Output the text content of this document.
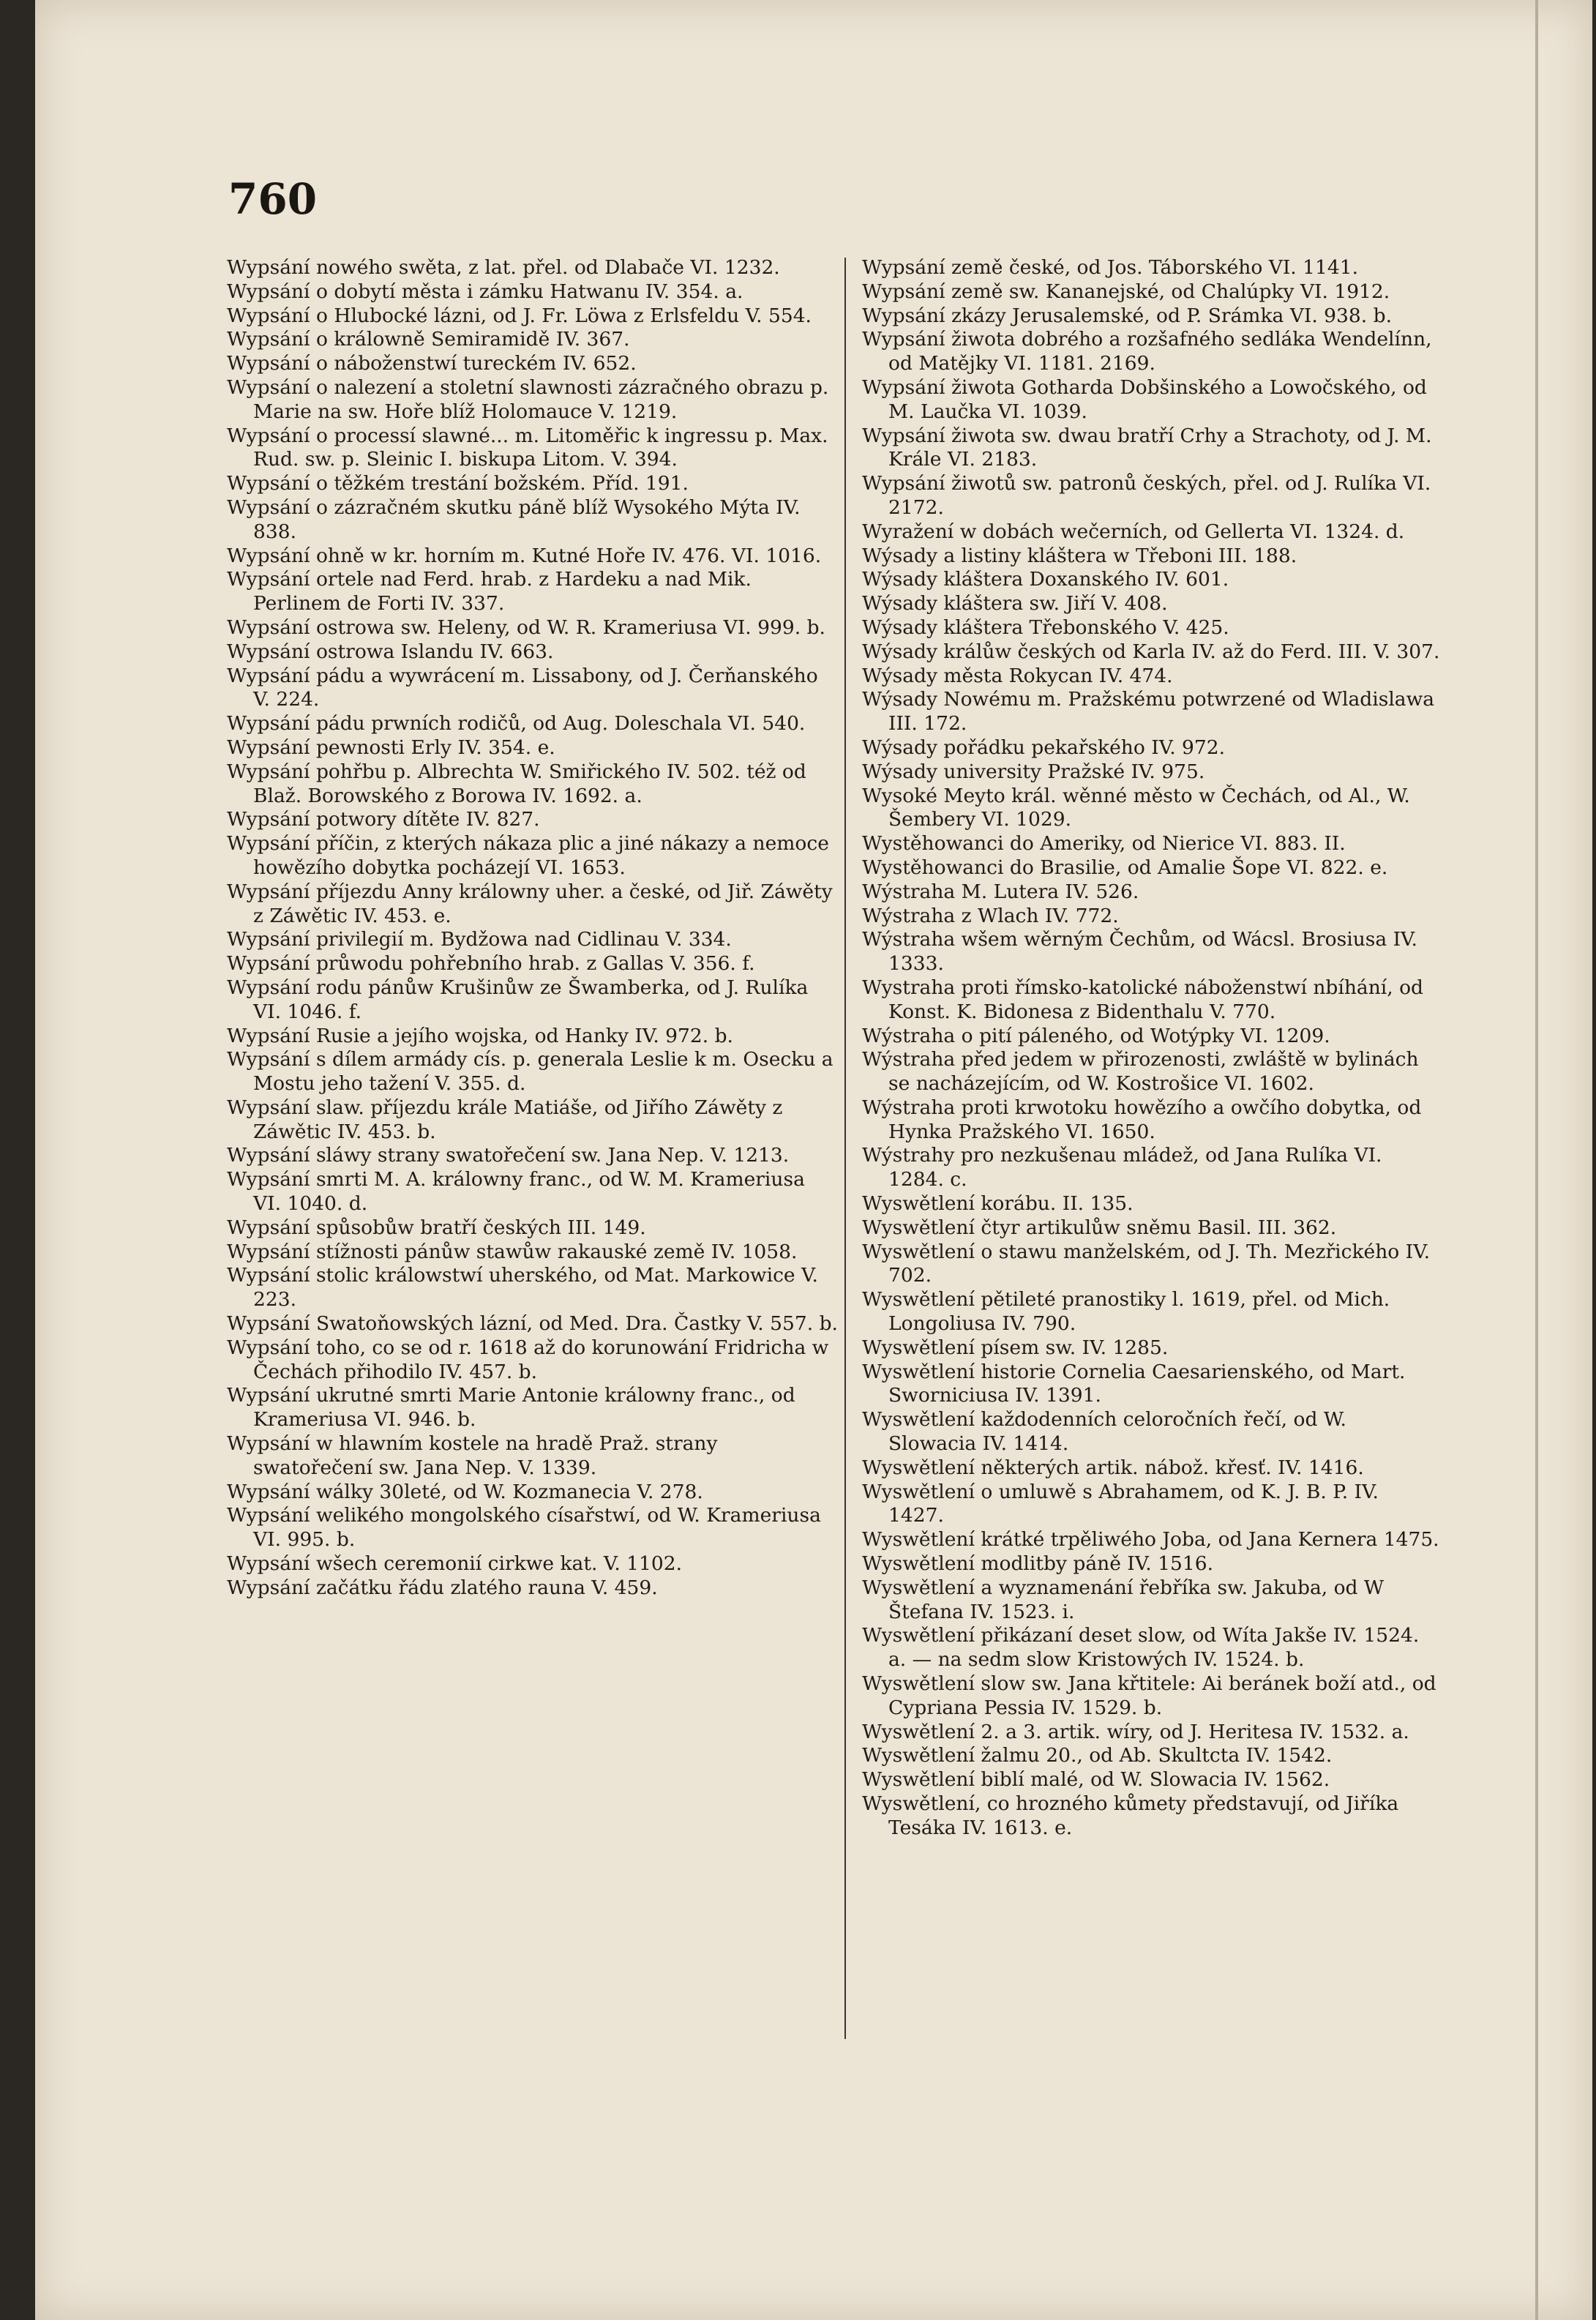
760

Wypsání nowého swěta, z lat. přel. od Dlabače VI. 1232.

Wypsání o dobytí města i zámku Hatwanu IV. 354. a.

Wypsání o Hlubocké lázni, od J. Fr. Löwa z Erlsfeldu V. 554.

Wypsání o králowně Semiramidě IV. 367.

Wypsání o náboženstwí tureckém IV. 652.

Wypsání o nalezení a stoletní slawnosti zázračného obrazu p. Marie na sw. Hoře blíž Holomauce V. 1219.

Wypsání o processí slawné... m. Litoměřic k ingressu p. Max. Rud. sw. p. Sleinic I. biskupa Litom. V. 394.

Wypsání o těžkém trestání božském. Příd. 191.

Wypsání o zázračném skutku páně blíž Wysokého Mýta IV. 838.

Wypsání ohně w kr. horním m. Kutné Hoře IV. 476. VI. 1016.

Wypsání ortele nad Ferd. hrab. z Hardeku a nad Mik. Perlinem de Forti IV. 337.

Wypsání ostrowa sw. Heleny, od W. R. Krameriusa VI. 999. b.

Wypsání ostrowa Islandu IV. 663.

Wypsání pádu a wywrácení m. Lissabony, od J. Čerňanského V. 224.

Wypsání pádu prwních rodičů, od Aug. Doleschala VI. 540.

Wypsání pewnosti Erly IV. 354. e.

Wypsání pohřbu p. Albrechta W. Smiřického IV. 502. též od Blaž. Borowského z Borowa IV. 1692. a.

Wypsání potwory dítěte IV. 827.

Wypsání příčin, z kterých nákaza plic a jiné nákazy a nemoce howězího dobytka pocházejí VI. 1653.

Wypsání příjezdu Anny králowny uher. a české, od Jiř. Záwěty z Záwětic IV. 453. e.

Wypsání privilegií m. Bydžowa nad Cidlinau V. 334.

Wypsání průwodu pohřebního hrab. z Gallas V. 356. f.

Wypsání rodu pánůw Krušinůw ze Šwamberka, od J. Rulíka VI. 1046. f.

Wypsání Rusie a jejího wojska, od Hanky IV. 972. b.

Wypsání s dílem armády cís. p. generala Leslie k m. Osecku a Mostu jeho tažení V. 355. d.

Wypsání slaw. příjezdu krále Matiáše, od Jiřího Záwěty z Záwětic IV. 453. b.

Wypsání sláwy strany swatořečení sw. Jana Nep. V. 1213.

Wypsání smrti M. A. králowny franc., od W. M. Krameriusa VI. 1040. d.

Wypsání spůsobůw bratří českých III. 149.

Wypsání stížnosti pánůw stawůw rakauské země IV. 1058.

Wypsání stolic králowstwí uherského, od Mat. Markowice V. 223.

Wypsání Swatoňowských lázní, od Med. Dra. Častky V. 557. b.

Wypsání toho, co se od r. 1618 až do korunowání Fridricha w Čechách přihodilo IV. 457. b.

Wypsání ukrutné smrti Marie Antonie králowny franc., od Krameriusa VI. 946. b.

Wypsání w hlawním kostele na hradě Praž. strany swatořečení sw. Jana Nep. V. 1339.

Wypsání wálky 30leté, od W. Kozmanecia V. 278.

Wypsání welikého mongolského císařstwí, od W. Krameriusa VI. 995. b.

Wypsání wšech ceremonií cirkwe kat. V. 1102.

Wypsání začátku řádu zlatého rauna V. 459.

Wypsání země české, od Jos. Táborského VI. 1141.

Wypsání země sw. Kananejské, od Chalúpky VI. 1912.

Wypsání zkázy Jerusalemské, od P. Srámka VI. 938. b.

Wypsání žiwota dobrého a rozšafného sedláka Wendelínn, od Matějky VI. 1181. 2169.

Wypsání žiwota Gotharda Dobšinského a Lowočského, od M. Laučka VI. 1039.

Wypsání žiwota sw. dwau bratří Crhy a Strachoty, od J. M. Krále VI. 2183.

Wypsání žiwotů sw. patronů českých, přel. od J. Rulíka VI. 2172.

Wyražení w dobách wečerních, od Gellerta VI. 1324. d.

Wýsady a listiny kláštera w Třeboni III. 188.

Wýsady kláštera Doxanského IV. 601.

Wýsady kláštera sw. Jiří V. 408.

Wýsady kláštera Třebonského V. 425.

Wýsady králůw českých od Karla IV. až do Ferd. III. V. 307.

Wýsady města Rokycan IV. 474.

Wýsady Nowému m. Pražskému potwrzené od Wladislawa III. 172.

Wýsady pořádku pekařského IV. 972.

Wýsady university Pražské IV. 975.

Wysoké Meyto král. wěnné město w Čechách, od Al., W. Šembery VI. 1029.

Wystěhowanci do Ameriky, od Nierice VI. 883. II.

Wystěhowanci do Brasilie, od Amalie Šope VI. 822. e.

Wýstraha M. Lutera IV. 526.

Wýstraha z Wlach IV. 772.

Wýstraha wšem wěrným Čechům, od Wácsl. Brosiusa IV. 1333.

Wystraha proti římsko-katolické náboženstwí nbíhání, od Konst. K. Bidonesa z Bidenthalu V. 770.

Wýstraha o pití páleného, od Wotýpky VI. 1209.

Wýstraha před jedem w přirozenosti, zwláště w bylinách se nacházejícím, od W. Kostrošice VI. 1602.

Wýstraha proti krwotoku howězího a owčího dobytka, od Hynka Pražského VI. 1650.

Wýstrahy pro nezkušenau mládež, od Jana Rulíka VI. 1284. c.

Wyswětlení korábu. II. 135.

Wyswětlení čtyr artikulůw sněmu Basil. III. 362.

Wyswětlení o stawu manželském, od J. Th. Mezřického IV. 702.

Wyswětlení pětileté pranostiky l. 1619, přel. od Mich. Longoliusa IV. 790.

Wyswětlení písem sw. IV. 1285.

Wyswětlení historie Cornelia Caesarienského, od Mart. Sworniciusa IV. 1391.

Wyswětlení každodenních celoročních řečí, od W. Slowacia IV. 1414.

Wyswětlení některých artik. nábož. křesť. IV. 1416.

Wyswětlení o umluwě s Abrahamem, od K. J. B. P. IV. 1427.

Wyswětlení krátké trpěliwého Joba, od Jana Kernera 1475.

Wyswětlení modlitby páně IV. 1516.

Wyswětlení a wyznamenání řebříka sw. Jakuba, od W Štefana IV. 1523. i.

Wyswětlení přikázaní deset slow, od Wíta Jakše IV. 1524. a. — na sedm slow Kristowých IV. 1524. b.

Wyswětlení slow sw. Jana křtitele: Ai beránek boží atd., od Cypriana Pessia IV. 1529. b.

Wyswětlení 2. a 3. artik. wíry, od J. Heritesa IV. 1532. a.

Wyswětlení žalmu 20., od Ab. Skultcta IV. 1542.

Wyswětlení biblí malé, od W. Slowacia IV. 1562.

Wyswětlení, co hrozného kůmety představují, od Jiříka Tesáka IV. 1613. e.
